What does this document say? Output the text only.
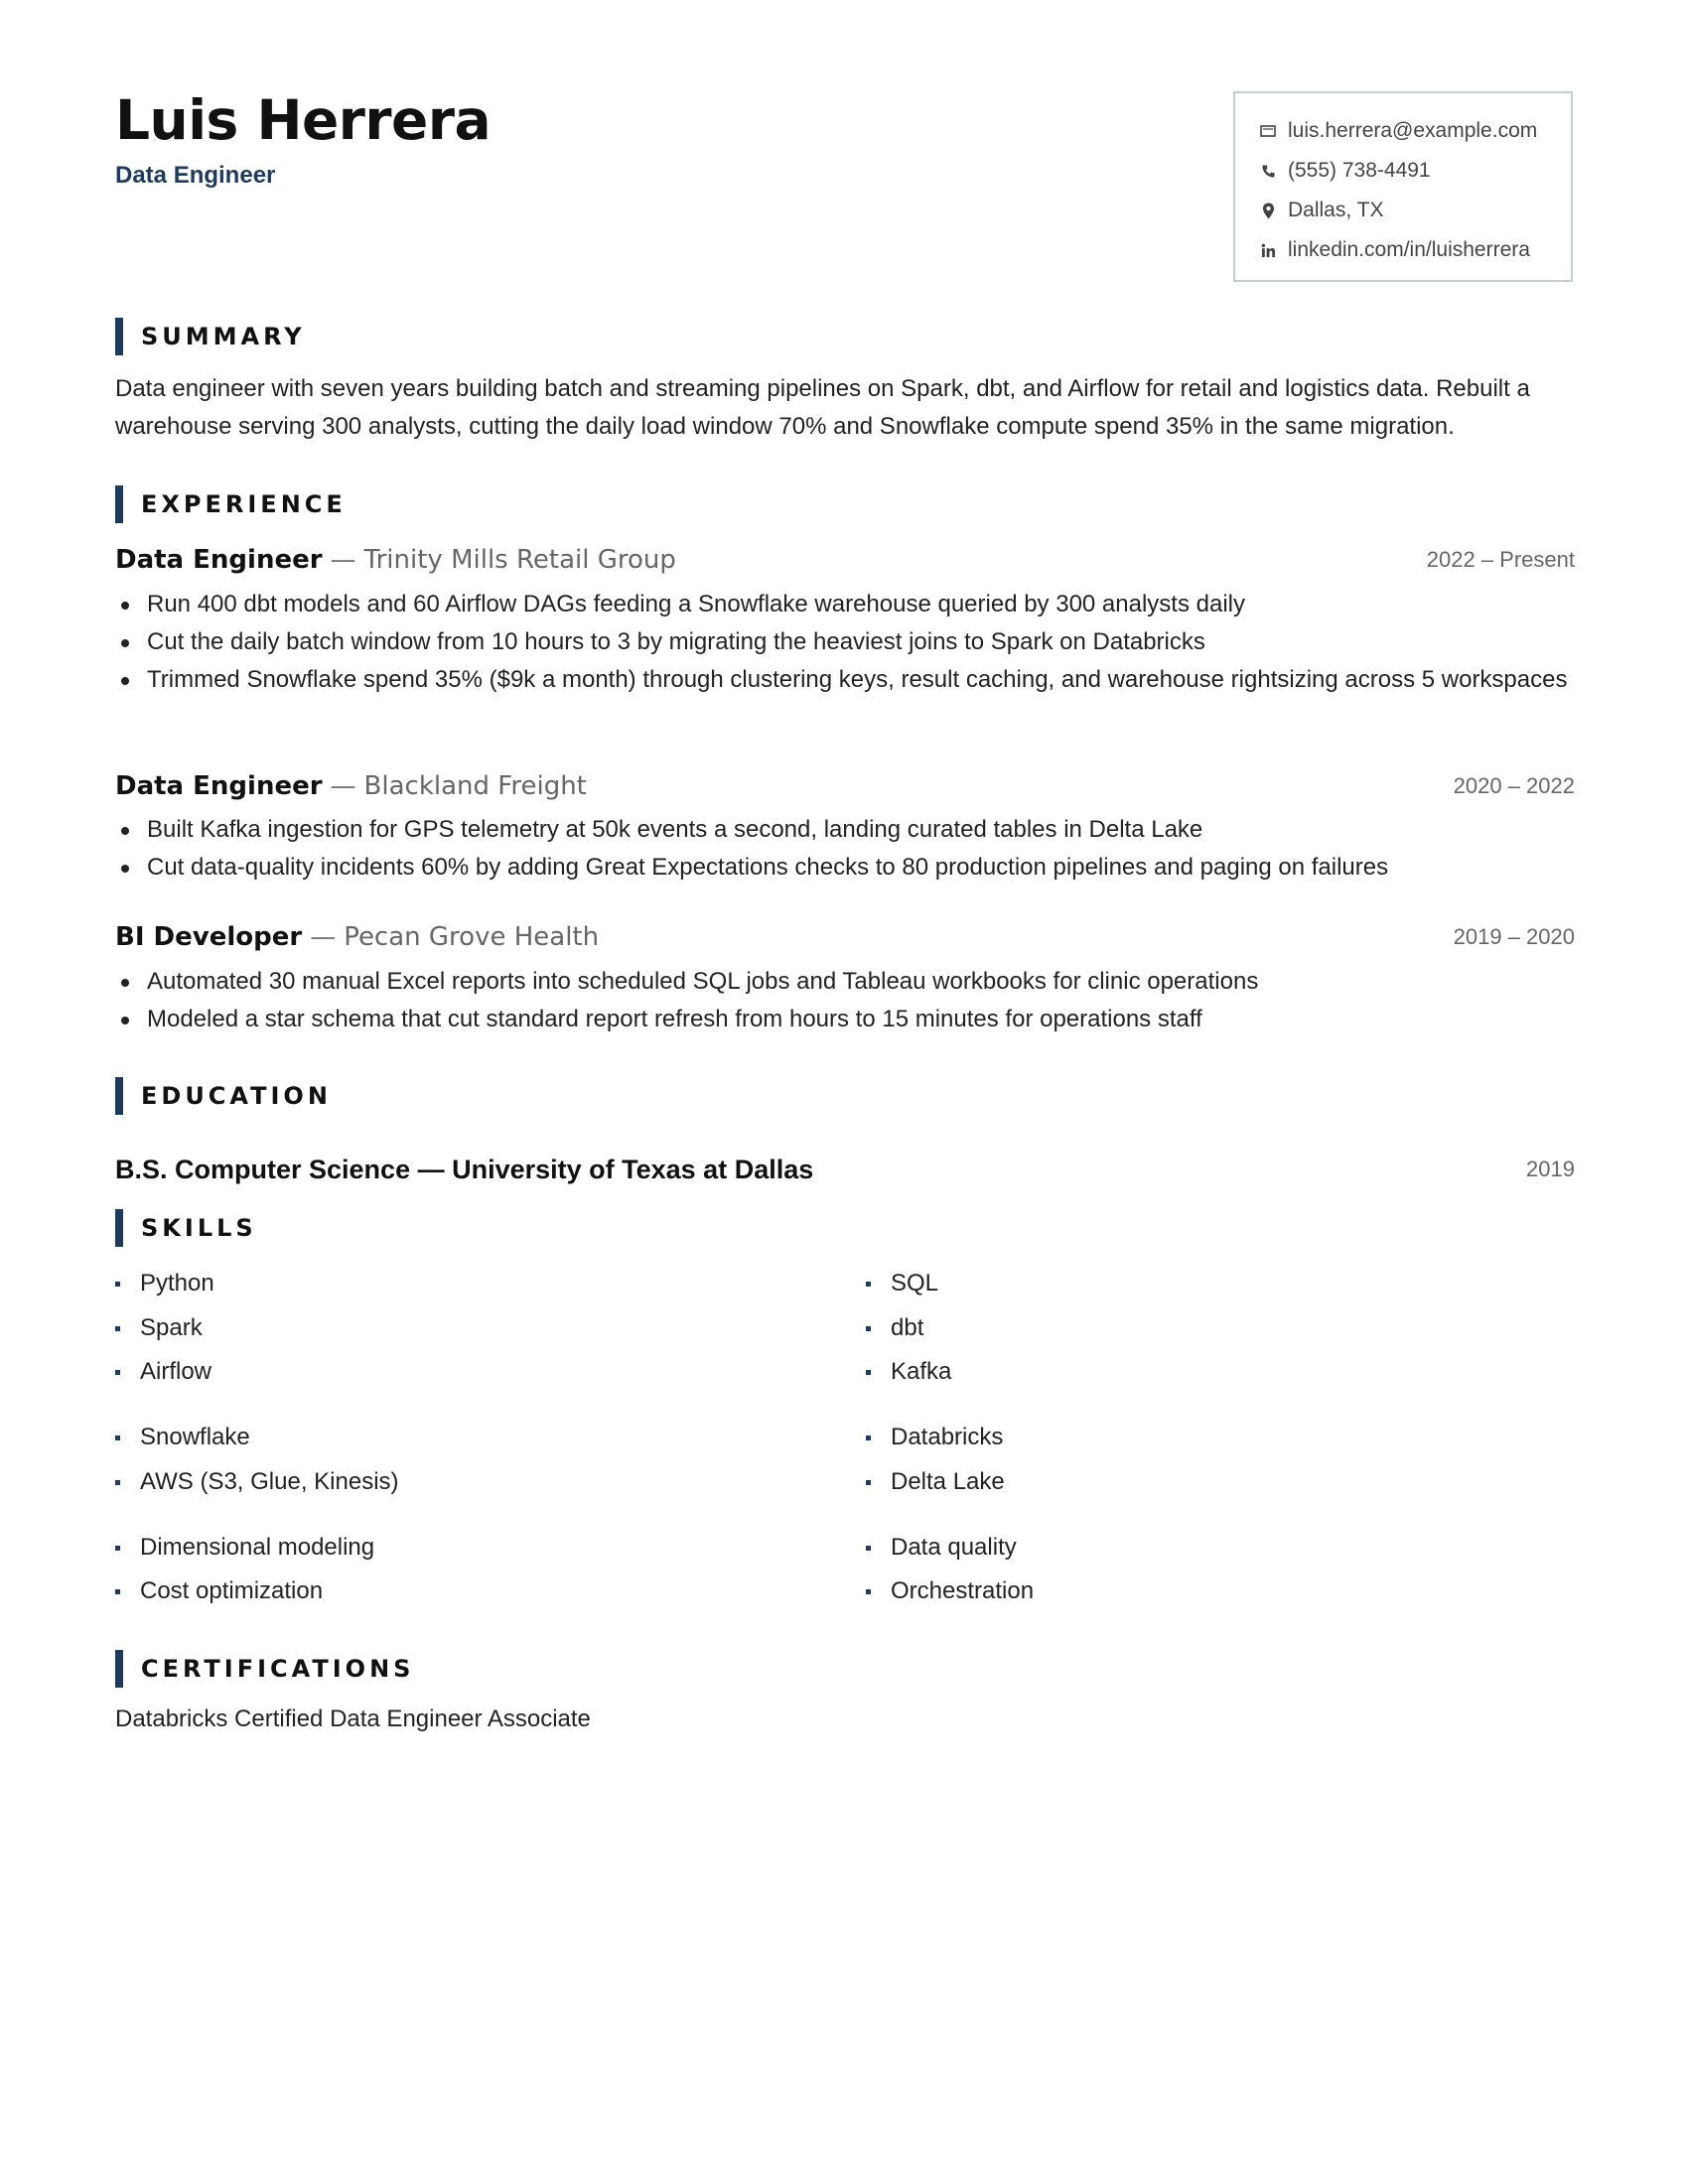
Luis Herrera
Data Engineer
luis.herrera@example.com
(555) 738-4491
Dallas, TX
linkedin.com/in/luisherrera
SUMMARY

Data engineer with seven years building batch and streaming pipelines on Spark, dbt, and Airflow for retail and logistics data. Rebuilt a warehouse serving 300 analysts, cutting the daily load window 70% and Snowflake compute spend 35% in the same migration.

EXPERIENCE
Data Engineer — Trinity Mills Retail Group	2022 – Present
Run 400 dbt models and 60 Airflow DAGs feeding a Snowflake warehouse queried by 300 analysts daily
Cut the daily batch window from 10 hours to 3 by migrating the heaviest joins to Spark on Databricks
Trimmed Snowflake spend 35% ($9k a month) through clustering keys, result caching, and warehouse rightsizing across 5 workspaces
Data Engineer — Blackland Freight	2020 – 2022
Built Kafka ingestion for GPS telemetry at 50k events a second, landing curated tables in Delta Lake
Cut data-quality incidents 60% by adding Great Expectations checks to 80 production pipelines and paging on failures
BI Developer — Pecan Grove Health	2019 – 2020
Automated 30 manual Excel reports into scheduled SQL jobs and Tableau workbooks for clinic operations
Modeled a star schema that cut standard report refresh from hours to 15 minutes for operations staff
EDUCATION
B.S. Computer Science — University of Texas at Dallas	2019
SKILLS
Python	SQL
Spark	dbt
Airflow	Kafka
Snowflake	Databricks
AWS (S3, Glue, Kinesis)	Delta Lake
Dimensional modeling	Data quality
Cost optimization	Orchestration
CERTIFICATIONS

Databricks Certified Data Engineer Associate
